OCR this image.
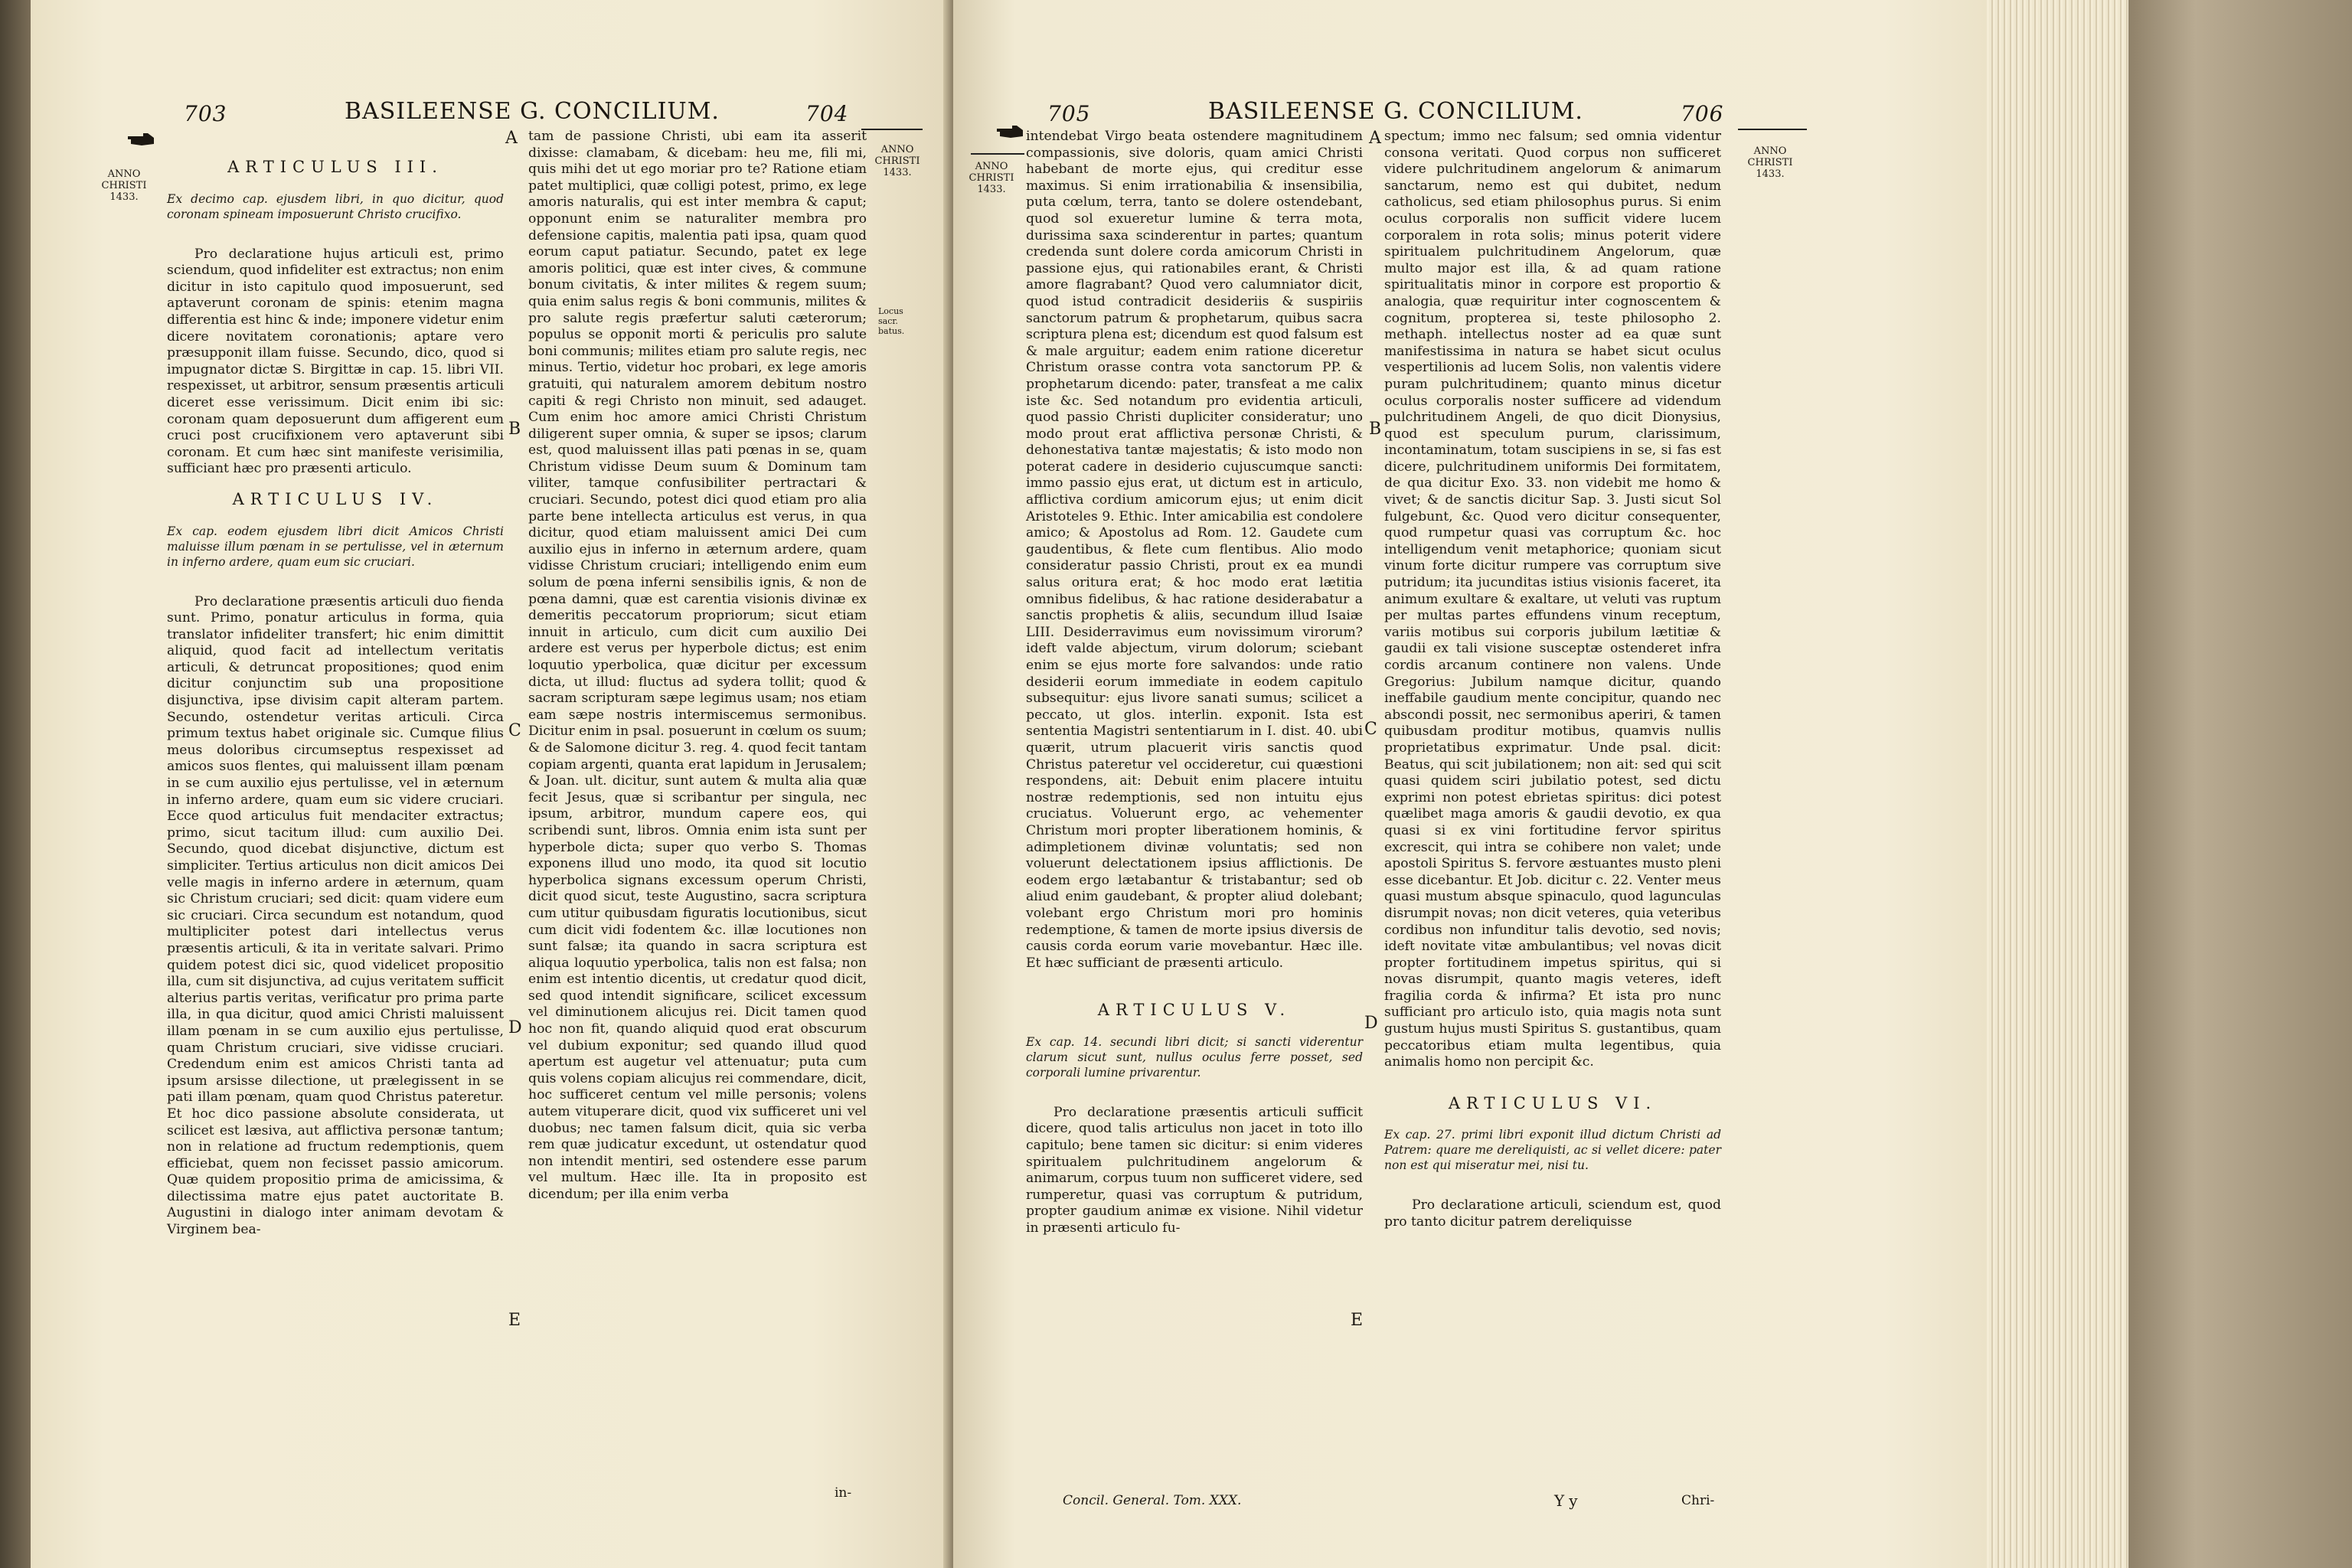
703	BASILEENSE G. CONCILIUM.	704
ANNO
CHRISTI
1433.
ANNO
CHRISTI
1433.
Locus sacr. batus.
A
B
C
D
E
ARTICULUS III.

Ex decimo cap. ejusdem libri, in quo dicitur, quod coronam spineam imposuerunt Christo crucifixo.

Pro declaratione hujus articuli est, primo sciendum, quod infideliter est extractus; non enim dicitur in isto capitulo quod imposuerunt, sed aptaverunt coronam de spinis: etenim magna differentia est hinc & inde; imponere videtur enim dicere novitatem coronationis; aptare vero præsupponit illam fuisse. Secundo, dico, quod si impugnator dictæ S. Birgittæ in cap. 15. libri VII. respexisset, ut arbitror, sensum præsentis articuli diceret esse verissimum. Dicit enim ibi sic: coronam quam deposuerunt dum affigerent eum cruci post crucifixionem vero aptaverunt sibi coronam. Et cum hæc sint manifeste verisimilia, sufficiant hæc pro præsenti articulo.

ARTICULUS IV.

Ex cap. eodem ejusdem libri dicit Amicos Christi maluisse illum pœnam in se pertulisse, vel in æternum in inferno ardere, quam eum sic cruciari.

Pro declaratione præsentis articuli duo fienda sunt. Primo, ponatur articulus in forma, quia translator infideliter transfert; hic enim dimittit aliquid, quod facit ad intellectum veritatis articuli, & detruncat propositiones; quod enim dicitur conjunctim sub una propositione disjunctiva, ipse divisim capit alteram partem. Secundo, ostendetur veritas articuli. Circa primum textus habet originale sic. Cumque filius meus doloribus circumseptus respexisset ad amicos suos flentes, qui maluissent illam pœnam in se cum auxilio ejus pertulisse, vel in æternum in inferno ardere, quam eum sic videre cruciari. Ecce quod articulus fuit mendaciter extractus; primo, sicut tacitum illud: cum auxilio Dei. Secundo, quod dicebat disjunctive, dictum est simpliciter. Tertius articulus non dicit amicos Dei velle magis in inferno ardere in æternum, quam sic Christum cruciari; sed dicit: quam videre eum sic cruciari. Circa secundum est notandum, quod multipliciter potest dari intellectus verus præsentis articuli, & ita in veritate salvari. Primo quidem potest dici sic, quod videlicet propositio illa, cum sit disjunctiva, ad cujus veritatem sufficit alterius partis veritas, verificatur pro prima parte illa, in qua dicitur, quod amici Christi maluissent illam pœnam in se cum auxilio ejus pertulisse, quam Christum cruciari, sive vidisse cruciari. Credendum enim est amicos Christi tanta ad ipsum arsisse dilectione, ut prælegissent in se pati illam pœnam, quam quod Christus pateretur. Et hoc dico passione absolute considerata, ut scilicet est læsiva, aut afflictiva personæ tantum; non in relatione ad fructum redemptionis, quem efficiebat, quem non fecisset passio amicorum. Quæ quidem propositio prima de amicissima, & dilectissima matre ejus patet auctoritate B. Augustini in dialogo inter animam devotam & Virginem bea-

tam de passione Christi, ubi eam ita asserit dixisse: clamabam, & dicebam: heu me, fili mi, quis mihi det ut ego moriar pro te? Ratione etiam patet multiplici, quæ colligi potest, primo, ex lege amoris naturalis, qui est inter membra & caput; opponunt enim se naturaliter membra pro defensione capitis, malentia pati ipsa, quam quod eorum caput patiatur. Secundo, patet ex lege amoris politici, quæ est inter cives, & commune bonum civitatis, & inter milites & regem suum; quia enim salus regis & boni communis, milites & pro salute regis præfertur saluti cæterorum; populus se opponit morti & periculis pro salute boni communis; milites etiam pro salute regis, nec minus. Tertio, videtur hoc probari, ex lege amoris gratuiti, qui naturalem amorem debitum nostro capiti & regi Christo non minuit, sed adauget. Cum enim hoc amore amici Christi Christum diligerent super omnia, & super se ipsos; clarum est, quod maluissent illas pati pœnas in se, quam Christum vidisse Deum suum & Dominum tam viliter, tamque confusibiliter pertractari & cruciari. Secundo, potest dici quod etiam pro alia parte bene intellecta articulus est verus, in qua dicitur, quod etiam maluissent amici Dei cum auxilio ejus in inferno in æternum ardere, quam vidisse Christum cruciari; intelligendo enim eum solum de pœna inferni sensibilis ignis, & non de pœna damni, quæ est carentia visionis divinæ ex demeritis peccatorum propriorum; sicut etiam innuit in articulo, cum dicit cum auxilio Dei ardere est verus per hyperbole dictus; est enim loquutio yperbolica, quæ dicitur per excessum dicta, ut illud: fluctus ad sydera tollit; quod & sacram scripturam sæpe legimus usam; nos etiam eam sæpe nostris intermiscemus sermonibus. Dicitur enim in psal. posuerunt in cœlum os suum; & de Salomone dicitur 3. reg. 4. quod fecit tantam copiam argenti, quanta erat lapidum in Jerusalem; & Joan. ult. dicitur, sunt autem & multa alia quæ fecit Jesus, quæ si scribantur per singula, nec ipsum, arbitror, mundum capere eos, qui scribendi sunt, libros. Omnia enim ista sunt per hyperbole dicta; super quo verbo S. Thomas exponens illud uno modo, ita quod sit locutio hyperbolica signans excessum operum Christi, dicit quod sicut, teste Augustino, sacra scriptura cum utitur quibusdam figuratis locutionibus, sicut cum dicit vidi fodentem &c. illæ locutiones non sunt falsæ; ita quando in sacra scriptura est aliqua loquutio yperbolica, talis non est falsa; non enim est intentio dicentis, ut credatur quod dicit, sed quod intendit significare, scilicet excessum vel diminutionem alicujus rei. Dicit tamen quod hoc non fit, quando aliquid quod erat obscurum vel dubium exponitur; sed quando illud quod apertum est augetur vel attenuatur; puta cum quis volens copiam alicujus rei commendare, dicit, hoc sufficeret centum vel mille personis; volens autem vituperare dicit, quod vix sufficeret uni vel duobus; nec tamen falsum dicit, quia sic verba rem quæ judicatur excedunt, ut ostendatur quod non intendit mentiri, sed ostendere esse parum vel multum. Hæc ille. Ita in proposito est dicendum; per illa enim verba

in-
705	BASILEENSE G. CONCILIUM.	706
ANNO
CHRISTI
1433.
ANNO
CHRISTI
1433.
A
B
C
D
E

intendebat Virgo beata ostendere magnitudinem compassionis, sive doloris, quam amici Christi habebant de morte ejus, qui creditur esse maximus. Si enim irrationabilia & insensibilia, puta cœlum, terra, tanto se dolere ostendebant, quod sol exueretur lumine & terra mota, durissima saxa scinderentur in partes; quantum credenda sunt dolere corda amicorum Christi in passione ejus, qui rationabiles erant, & Christi amore flagrabant? Quod vero calumniator dicit, quod istud contradicit desideriis & suspiriis sanctorum patrum & prophetarum, quibus sacra scriptura plena est; dicendum est quod falsum est & male arguitur; eadem enim ratione diceretur Christum orasse contra vota sanctorum PP. & prophetarum dicendo: pater, transfeat a me calix iste &c. Sed notandum pro evidentia articuli, quod passio Christi dupliciter consideratur; uno modo prout erat afflictiva personæ Christi, & dehonestativa tantæ majestatis; & isto modo non poterat cadere in desiderio cujuscumque sancti: immo passio ejus erat, ut dictum est in articulo, afflictiva cordium amicorum ejus; ut enim dicit Aristoteles 9. Ethic. Inter amicabilia est condolere amico; & Apostolus ad Rom. 12. Gaudete cum gaudentibus, & flete cum flentibus. Alio modo consideratur passio Christi, prout ex ea mundi salus oritura erat; & hoc modo erat lætitia omnibus fidelibus, & hac ratione desiderabatur a sanctis prophetis & aliis, secundum illud Isaiæ LIII. Desiderravimus eum novissimum virorum? ideft valde abjectum, virum dolorum; sciebant enim se ejus morte fore salvandos: unde ratio desiderii eorum immediate in eodem capitulo subsequitur: ejus livore sanati sumus; scilicet a peccato, ut glos. interlin. exponit. Ista est sententia Magistri sententiarum in I. dist. 40. ubi quærit, utrum placuerit viris sanctis quod Christus pateretur vel occideretur, cui quæstioni respondens, ait: Debuit enim placere intuitu nostræ redemptionis, sed non intuitu ejus cruciatus. Voluerunt ergo, ac vehementer Christum mori propter liberationem hominis, & adimpletionem divinæ voluntatis; sed non voluerunt delectationem ipsius afflictionis. De eodem ergo lætabantur & tristabantur; sed ob aliud enim gaudebant, & propter aliud dolebant; volebant ergo Christum mori pro hominis redemptione, & tamen de morte ipsius diversis de causis corda eorum varie movebantur. Hæc ille. Et hæc sufficiant de præsenti articulo.

ARTICULUS V.

Ex cap. 14. secundi libri dicit; si sancti viderentur clarum sicut sunt, nullus oculus ferre posset, sed corporali lumine privarentur.

Pro declaratione præsentis articuli sufficit dicere, quod talis articulus non jacet in toto illo capitulo; bene tamen sic dicitur: si enim videres spiritualem pulchritudinem angelorum & animarum, corpus tuum non sufficeret videre, sed rumperetur, quasi vas corruptum & putridum, propter gaudium animæ ex visione. Nihil videtur in præsenti articulo fu-

Concil. General. Tom. XXX.

spectum; immo nec falsum; sed omnia videntur consona veritati. Quod corpus non sufficeret videre pulchritudinem angelorum & animarum sanctarum, nemo est qui dubitet, nedum catholicus, sed etiam philosophus purus. Si enim oculus corporalis non sufficit videre lucem corporalem in rota solis; minus poterit videre spiritualem pulchritudinem Angelorum, quæ multo major est illa, & ad quam ratione spiritualitatis minor in corpore est proportio & analogia, quæ requiritur inter cognoscentem & cognitum, propterea si, teste philosopho 2. methaph. intellectus noster ad ea quæ sunt manifestissima in natura se habet sicut oculus vespertilionis ad lucem Solis, non valentis videre puram pulchritudinem; quanto minus dicetur oculus corporalis noster sufficere ad videndum pulchritudinem Angeli, de quo dicit Dionysius, quod est speculum purum, clarissimum, incontaminatum, totam suscipiens in se, si fas est dicere, pulchritudinem uniformis Dei formitatem, de qua dicitur Exo. 33. non videbit me homo & vivet; & de sanctis dicitur Sap. 3. Justi sicut Sol fulgebunt, &c. Quod vero dicitur consequenter, quod rumpetur quasi vas corruptum &c. hoc intelligendum venit metaphorice; quoniam sicut vinum forte dicitur rumpere vas corruptum sive putridum; ita jucunditas istius visionis faceret, ita animum exultare & exaltare, ut veluti vas ruptum per multas partes effundens vinum receptum, variis motibus sui corporis jubilum lætitiæ & gaudii ex tali visione susceptæ ostenderet infra cordis arcanum continere non valens. Unde Gregorius: Jubilum namque dicitur, quando ineffabile gaudium mente concipitur, quando nec abscondi possit, nec sermonibus aperiri, & tamen quibusdam proditur motibus, quamvis nullis proprietatibus exprimatur. Unde psal. dicit: Beatus, qui scit jubilationem; non ait: sed qui scit quasi quidem sciri jubilatio potest, sed dictu exprimi non potest ebrietas spiritus: dici potest quælibet maga amoris & gaudii devotio, ex qua quasi si ex vini fortitudine fervor spiritus excrescit, qui intra se cohibere non valet; unde apostoli Spiritus S. fervore æstuantes musto pleni esse dicebantur. Et Job. dicitur c. 22. Venter meus quasi mustum absque spinaculo, quod lagunculas disrumpit novas; non dicit veteres, quia veteribus cordibus non infunditur talis devotio, sed novis; ideft novitate vitæ ambulantibus; vel novas dicit propter fortitudinem impetus spiritus, qui si novas disrumpit, quanto magis veteres, ideft fragilia corda & infirma? Et ista pro nunc sufficiant pro articulo isto, quia magis nota sunt gustum hujus musti Spiritus S. gustantibus, quam peccatoribus etiam multa legentibus, quia animalis homo non percipit &c.

ARTICULUS VI.

Ex cap. 27. primi libri exponit illud dictum Christi ad Patrem: quare me dereliquisti, ac si vellet dicere: pater non est qui miseratur mei, nisi tu.

Pro declaratione articuli, sciendum est, quod pro tanto dicitur patrem dereliquisse

Yy	Chri-
